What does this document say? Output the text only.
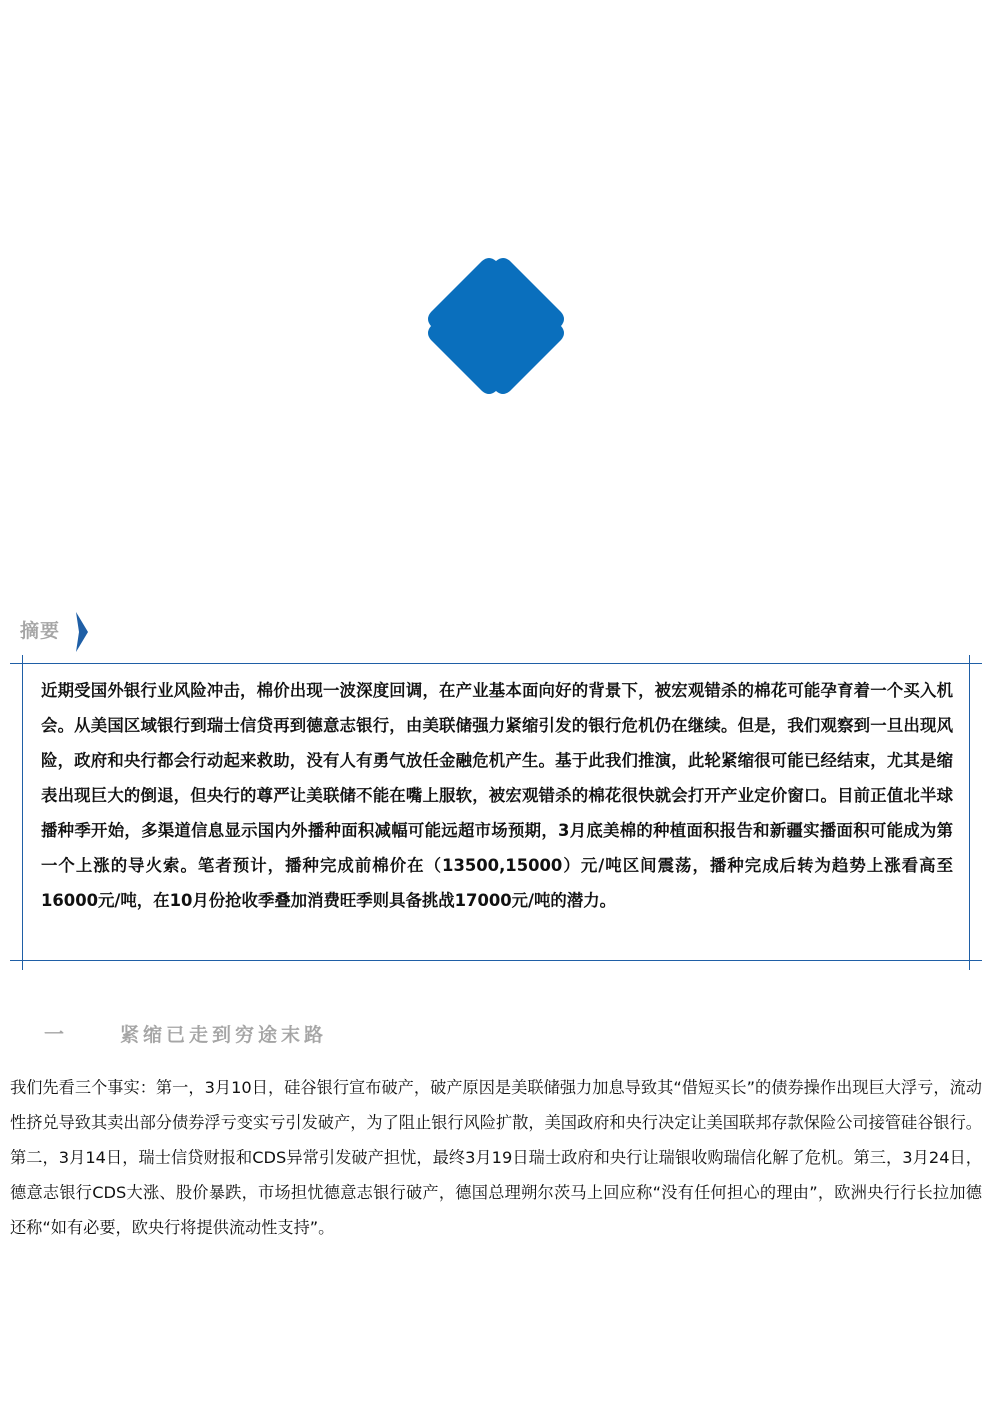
摘要

近期受国外银行业风险冲击，棉价出现一波深度回调，在产业基本面向好的背景下，被宏观错杀的棉花可能孕育着一个买入机会。从美国区域银行到瑞士信贷再到德意志银行，由美联储强力紧缩引发的银行危机仍在继续。但是，我们观察到一旦出现风险，政府和央行都会行动起来救助，没有人有勇气放任金融危机产生。基于此我们推演，此轮紧缩很可能已经结束，尤其是缩表出现巨大的倒退，但央行的尊严让美联储不能在嘴上服软，被宏观错杀的棉花很快就会打开产业定价窗口。目前正值北半球播种季开始，多渠道信息显示国内外播种面积减幅可能远超市场预期，3月底美棉的种植面积报告和新疆实播面积可能成为第一个上涨的导火索。笔者预计，播种完成前棉价在（13500,15000）元/吨区间震荡，播种完成后转为趋势上涨看高至16000元/吨，在10月份抢收季叠加消费旺季则具备挑战17000元/吨的潜力。

一	紧缩已走到穷途末路

我们先看三个事实：第一，3月10日，硅谷银行宣布破产，破产原因是美联储强力加息导致其“借短买长”的债券操作出现巨大浮亏，流动性挤兑导致其卖出部分债券浮亏变实亏引发破产，为了阻止银行风险扩散，美国政府和央行决定让美国联邦存款保险公司接管硅谷银行。第二，3月14日，瑞士信贷财报和CDS异常引发破产担忧，最终3月19日瑞士政府和央行让瑞银收购瑞信化解了危机。第三，3月24日，德意志银行CDS大涨、股价暴跌，市场担忧德意志银行破产，德国总理朔尔茨马上回应称“没有任何担心的理由”，欧洲央行行长拉加德还称“如有必要，欧央行将提供流动性支持”。
